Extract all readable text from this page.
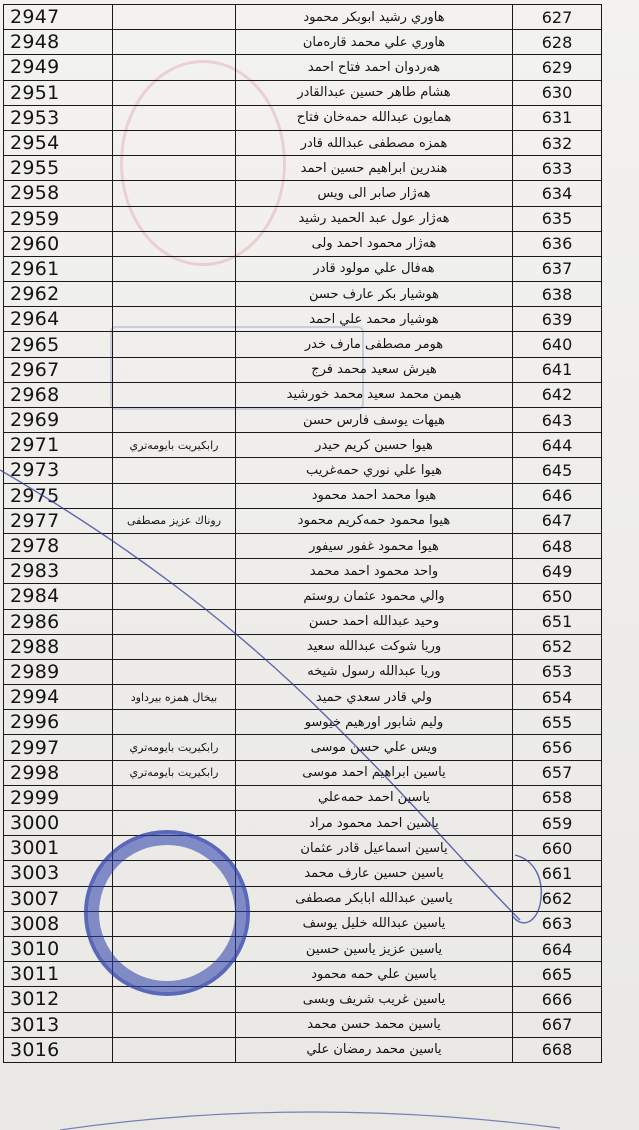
2947		هاوري رشيد ابوبكر محمود	627
2948		هاوري علي محمد قارەمان	628
2949		هەردوان احمد فتاح احمد	629
2951		هشام طاهر حسين عبدالقادر	630
2953		همايون عبدالله حمەخان فتاح	631
2954		همزه مصطفى عبدالله قادر	632
2955		هندرين ابراهيم حسين احمد	633
2958		هەژار صابر الى ويس	634
2959		هەژار عول عبد الحميد رشيد	635
2960		هەژار محمود احمد ولى	636
2961		هەفال علي مولود قادر	637
2962		هوشيار بكر عارف حسن	638
2964		هوشيار محمد علي احمد	639
2965		هومر مصطفى مارف خدر	640
2967		هيرش سعيد محمد فرج	641
2968		هيمن محمد سعيد محمد خورشيد	642
2969		هيهات يوسف فارس حسن	643
2971	رابكيريت بايومەتري	هيوا حسين كريم حيدر	644
2973		هيوا علي نوري حمەغريب	645
2975		هيوا محمد احمد محمود	646
2977	روناك عزيز مصطفى	هيوا محمود حمەكريم محمود	647
2978		هيوا محمود غفور سيفور	648
2983		واحد محمود احمد محمد	649
2984		والي محمود عثمان روستم	650
2986		وحيد عبدالله احمد حسن	651
2988		وريا شوكت عبدالله سعيد	652
2989		وريا عبدالله رسول شيخه	653
2994	بيخال همزه بيرداود	ولي قادر سعدي حميد	654
2996		وليم شابور اورهيم خيوسو	655
2997	رابكيريت بايومەتري	ويس علي حسن موسى	656
2998	رابكيريت بايومەتري	ياسين ابراهيم احمد موسى	657
2999		ياسين احمد حمەعلي	658
3000		ياسين احمد محمود مراد	659
3001		ياسين اسماعيل قادر عثمان	660
3003		ياسين حسين عارف محمد	661
3007		ياسين عبدالله ابابكر مصطفى	662
3008		ياسين عبدالله خليل يوسف	663
3010		ياسين عزيز ياسين حسين	664
3011		ياسين علي حمه محمود	665
3012		ياسين غريب شريف وبسى	666
3013		ياسين محمد حسن محمد	667
3016		ياسين محمد رمضان علي	668
